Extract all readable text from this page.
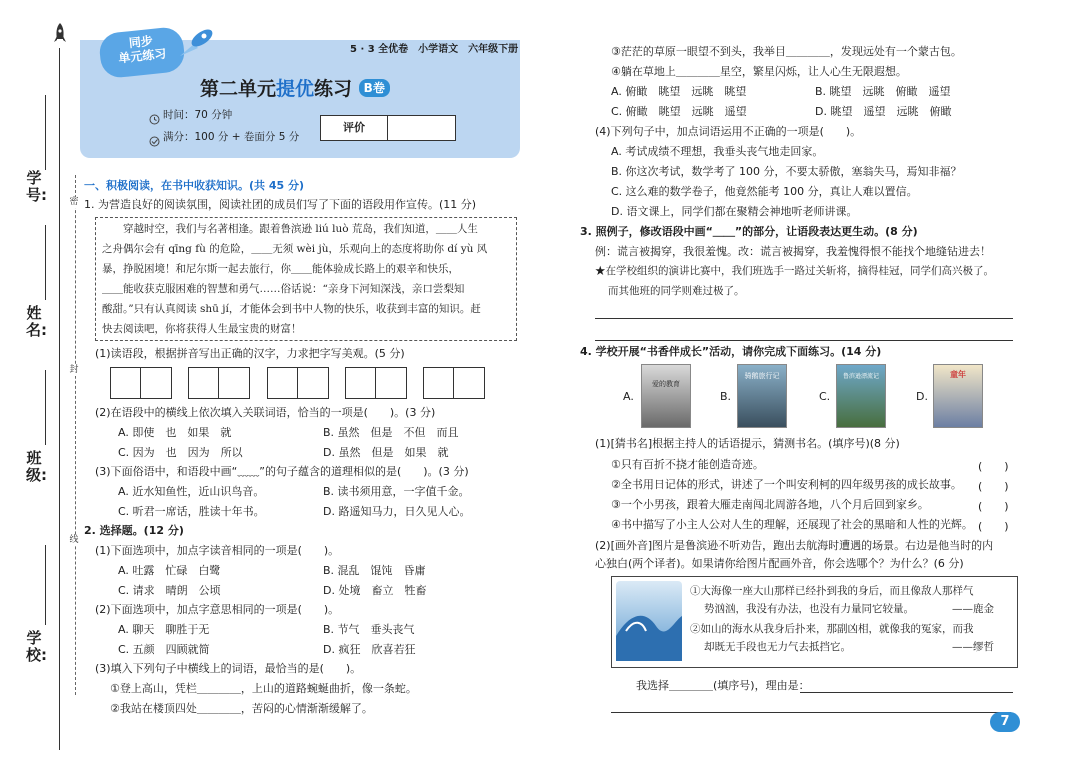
学号: 密
姓名:
封
班级:
线
学校:
同步
单元练习	5 · 3 全优卷　小学语文　六年级下册
第二单元提优练习 B卷
时间：70 分钟
满分：100 分 + 卷面分 5 分
评价
一、积极阅读，在书中收获知识。(共 45 分)
1. 为营造良好的阅读氛围，阅读社团的成员们写了下面的语段用作宣传。(11 分)
　　穿越时空，我们与名著相逢。跟着鲁滨逊 liú luò 荒岛，我们知道，＿＿人生
之舟偶尔会有 qīng fù 的危险，＿＿无须 wèi jù，乐观向上的态度将助你 dí yù 风
暴，挣脱困境！和尼尔斯一起去旅行，你＿＿能体验成长路上的艰辛和快乐，
＿＿能收获克服困难的智慧和勇气……俗话说：“亲身下河知深浅，亲口尝梨知
酸甜。”只有认真阅读 shū jí，才能体会到书中人物的快乐，收获到丰富的知识。赶
快去阅读吧，你将获得人生最宝贵的财富！
(1)读语段，根据拼音写出正确的汉字，力求把字写美观。(5 分)
(2)在语段中的横线上依次填入关联词语，恰当的一项是(　　)。(3 分)
A. 即使　也　如果　就	B. 虽然　但是　不但　而且
C. 因为　也　因为　所以	D. 虽然　但是　如果　就
(3)下面俗语中，和语段中画“﹏﹏”的句子蕴含的道理相似的是(　　)。(3 分)
A. 近水知鱼性，近山识鸟音。	B. 读书须用意，一字值千金。
C. 听君一席话，胜读十年书。	D. 路遥知马力，日久见人心。
2. 选择题。(12 分)
(1)下面选项中，加点字读音相同的一项是(　　)。
A. 吐露　忙碌　白鹭	B. 混乱　馄饨　昏庸
C. 请求　晴朗　公顷	D. 处境　畜立　牲畜
(2)下面选项中，加点字意思相同的一项是(　　)。
A. 聊天　聊胜于无	B. 节气　垂头丧气
C. 五颜　四顾就简	D. 疯狂　欣喜若狂
(3)填入下列句子中横线上的词语，最恰当的是(　　)。
①登上高山，凭栏＿＿＿＿，上山的道路蜿蜒曲折，像一条蛇。
②我站在楼顶四处＿＿＿＿，苦闷的心情渐渐缓解了。
③茫茫的草原一眼望不到头，我举目＿＿＿＿，发现远处有一个蒙古包。
④躺在草地上＿＿＿＿星空，繁星闪烁，让人心生无限遐想。
A. 俯瞰　眺望　远眺　眺望	B. 眺望　远眺　俯瞰　遥望
C. 俯瞰　眺望　远眺　遥望	D. 眺望　遥望　远眺　俯瞰
(4)下列句子中，加点词语运用不正确的一项是(　　)。
A. 考试成绩不理想，我垂头丧气地走回家。
B. 你这次考试，数学考了 100 分，不要太骄傲，塞翁失马，焉知非福？
C. 这么难的数学卷子，他竟然能考 100 分，真让人难以置信。
D. 语文课上，同学们都在聚精会神地听老师讲课。
3. 照例子，修改语段中画“＿＿”的部分，让语段表达更生动。(8 分)
例：谎言被揭穿，我很羞愧。改：谎言被揭穿，我羞愧得恨不能找个地缝钻进去！
★在学校组织的演讲比赛中，我们班选手一路过关斩将，摘得桂冠，同学们高兴极了。
而其他班的同学则难过极了。
4. 学校开展“书香伴成长”活动，请你完成下面练习。(14 分)
A.
爱的教育
B.
骑鹅旅行记
C.
鲁滨逊漂流记
D.
童年
(1)[猜书名]根据主持人的话语提示，猜测书名。(填序号)(8 分)
①只有百折不挠才能创造奇迹。	(　　)
②全书用日记体的形式，讲述了一个叫安利柯的四年级男孩的成长故事。 (　　)
③一个小男孩，跟着大雁走南闯北周游各地，八个月后回到家乡。	(　　)
④书中描写了小主人公对人生的理解，还展现了社会的黑暗和人性的光辉。 (　　)
(2)[画外音]图片是鲁滨逊不听劝告，跑出去航海时遭遇的场景。右边是他当时的内
心独白(两个译者)。如果请你给图片配画外音，你会选哪个？为什么？(6 分)
①大海像一座大山那样已经扑到我的身后，而且像敌人那样气
势汹汹，我没有办法，也没有力量同它较量。	——鹿金
②如山的海水从我身后扑来，那副凶相，就像我的冤家，而我
却既无手段也无力气去抵挡它。	——缪哲
我选择＿＿＿＿(填序号)，理由是：
7
